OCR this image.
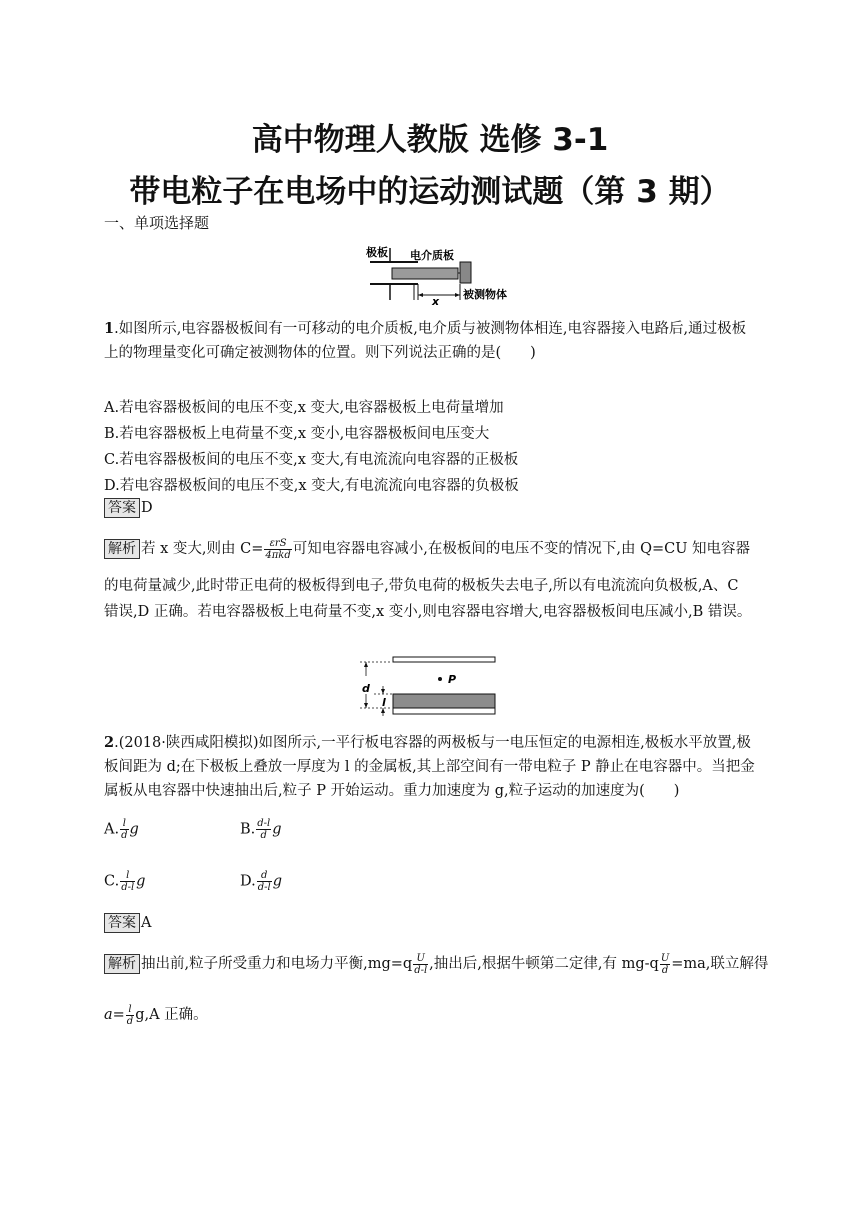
高中物理人教版 选修 3-1
带电粒子在电场中的运动测试题（第 3 期）
一、单项选择题
极板 电介质板
x
被测物体
1.如图所示,电容器极板间有一可移动的电介质板,电介质与被测物体相连,电容器接入电路后,通过极板上的物理量变化可确定被测物体的位置。则下列说法正确的是(　　)
A.若电容器极板间的电压不变,x 变大,电容器极板上电荷量增加
B.若电容器极板上电荷量不变,x 变小,电容器极板间电压变大
C.若电容器极板间的电压不变,x 变大,有电流流向电容器的正极板
D.若电容器极板间的电压不变,x 变大,有电流流向电容器的负极板
答案 D
解析 若 x 变大,则由 $C= \frac{\text{εrS}}{\text{4πkd}}$ 可知电容器电容减小,在极板间的电压不变的情况下,由 Q=CU 知电容器
的电荷量减少,此时带正电荷的极板得到电子,带负电荷的极板失去电子,所以有电流流向负极板,A、C 错误,D 正确。若电容器极板上电荷量不变,x 变小,则电容器电容增大,电容器极板间电压减小,B 错误。
d
l
P
2.(2018·陕西咸阳模拟)如图所示,一平行板电容器的两极板与一电压恒定的电源相连,极板水平放置,极板间距为 d;在下极板上叠放一厚度为 l 的金属板,其上部空间有一带电粒子 P 静止在电容器中。当把金属板从电容器中快速抽出后,粒子 P 开始运动。重力加速度为 g,粒子运动的加速度为(　　)
A. $\frac{l}{d}$ g	B. $\frac{d-l}{d}$ g
C. $\frac{l}{d-l}$ g	D. $\frac{d}{d-l}$ g
答案 A
解析 抽出前,粒子所受重力和电场力平衡$,mg=q \frac{U}{d-l}$ ,抽出后,根据牛顿第二定律,有 $mg-q \frac{U}{d} =ma$,联立解得
$a= \frac{l}{d} g,A$ 正确。
